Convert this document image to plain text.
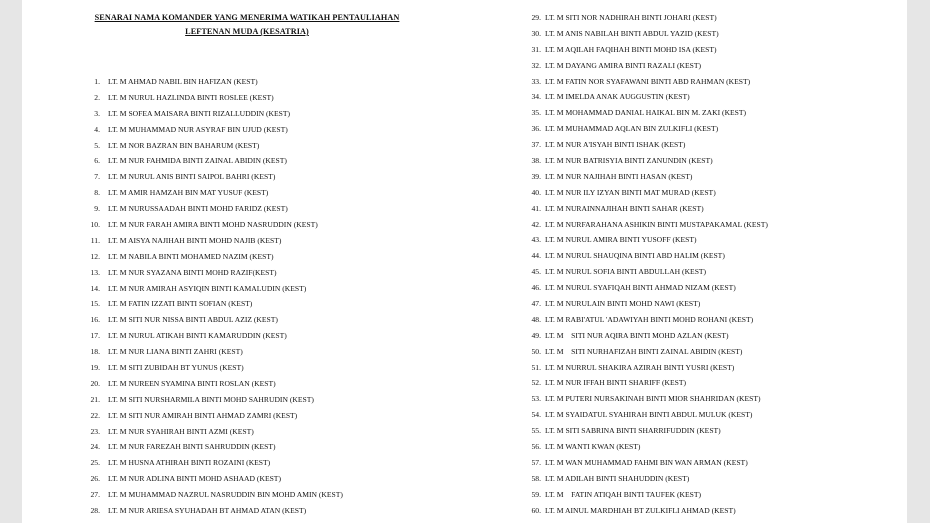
SENARAI NAMA KOMANDER YANG MENERIMA WATIKAH PENTAULIAHAN
LEFTENAN MUDA (KESATRIA)
1. LT. M AHMAD NABIL BIN HAFIZAN (KEST)
2. LT. M NURUL HAZLINDA BINTI ROSLEE (KEST)
3. LT. M SOFEA MAISARA BINTI RIZALLUDDIN (KEST)
4. LT. M MUHAMMAD NUR ASYRAF BIN UJUD (KEST)
5. LT. M NOR BAZRAN BIN BAHARUM (KEST)
6. LT. M NUR FAHMIDA BINTI ZAINAL ABIDIN (KEST)
7. LT. M NURUL ANIS BINTI SAIPOL BAHRI (KEST)
8. LT. M AMIR HAMZAH BIN MAT YUSUF (KEST)
9. LT. M NURUSSAADAH BINTI MOHD FARIDZ (KEST)
10. LT. M NUR FARAH AMIRA BINTI MOHD NASRUDDIN (KEST)
11. LT. M AISYA NAJIHAH BINTI MOHD NAJIB (KEST)
12. LT. M NABILA BINTI MOHAMED NAZIM (KEST)
13. LT. M NUR SYAZANA BINTI MOHD RAZIF(KEST)
14. LT. M NUR AMIRAH ASYIQIN BINTI KAMALUDIN (KEST)
15. LT. M FATIN IZZATI BINTI SOFIAN (KEST)
16. LT. M SITI NUR NISSA BINTI ABDUL AZIZ (KEST)
17. LT. M NURUL ATIKAH BINTI KAMARUDDIN (KEST)
18. LT. M NUR LIANA BINTI ZAHRI (KEST)
19. LT. M SITI ZUBIDAH BT YUNUS (KEST)
20. LT. M NUREEN SYAMINA BINTI ROSLAN (KEST)
21. LT. M SITI NURSHARMILA BINTI MOHD SAHRUDIN (KEST)
22. LT. M SITI NUR AMIRAH BINTI AHMAD ZAMRI (KEST)
23. LT. M NUR SYAHIRAH BINTI AZMI (KEST)
24. LT. M NUR FAREZAH BINTI SAHRUDDIN (KEST)
25. LT. M HUSNA ATHIRAH BINTI ROZAINI (KEST)
26. LT. M NUR ADLINA BINTI MOHD ASHAAD (KEST)
27. LT. M MUHAMMAD NAZRUL NASRUDDIN BIN MOHD AMIN (KEST)
28. LT. M NUR ARIESA SYUHADAH BT AHMAD ATAN (KEST)
29. LT. M SITI NOR NADHIRAH BINTI JOHARI (KEST)
30. LT. M ANIS NABILAH BINTI ABDUL YAZID (KEST)
31. LT. M AQILAH FAQIHAH BINTI MOHD ISA (KEST)
32. LT. M DAYANG AMIRA BINTI RAZALI (KEST)
33. LT. M FATIN NOR SYAFAWANI BINTI ABD RAHMAN (KEST)
34. LT. M IMELDA ANAK AUGGUSTIN (KEST)
35. LT. M MOHAMMAD DANIAL HAIKAL BIN M. ZAKI (KEST)
36. LT. M MUHAMMAD AQLAN BIN ZULKIFLI (KEST)
37. LT. M NUR A'ISYAH BINTI ISHAK (KEST)
38. LT. M NUR BATRISYIA BINTI ZANUNDIN (KEST)
39. LT. M NUR NAJIHAH BINTI HASAN (KEST)
40. LT. M NUR ILY IZYAN BINTI MAT MURAD (KEST)
41. LT. M NURAINNAJIHAH BINTI SAHAR (KEST)
42. LT. M NURFARAHANA ASHIKIN BINTI MUSTAPAKAMAL (KEST)
43. LT. M NURUL AMIRA BINTI YUSOFF (KEST)
44. LT. M NURUL SHAUQINA BINTI ABD HALIM (KEST)
45. LT. M NURUL SOFIA BINTI ABDULLAH (KEST)
46. LT. M NURUL SYAFIQAH BINTI AHMAD NIZAM (KEST)
47. LT. M NURULAIN BINTI MOHD NAWI (KEST)
48. LT. M RABI'ATUL 'ADAWIYAH BINTI MOHD ROHANI (KEST)
49. LT. M    SITI NUR AQIRA BINTI MOHD AZLAN (KEST)
50. LT. M    SITI NURHAFIZAH BINTI ZAINAL ABIDIN (KEST)
51. LT. M NURRUL SHAKIRA AZIRAH BINTI YUSRI (KEST)
52. LT. M NUR IFFAH BINTI SHARIFF (KEST)
53. LT. M PUTERI NURSAKINAH BINTI MIOR SHAHRIDAN (KEST)
54. LT. M SYAIDATUL SYAHIRAH BINTI ABDUL MULUK (KEST)
55. LT. M SITI SABRINA BINTI SHARRIFUDDIN (KEST)
56. LT. M WANTI KWAN (KEST)
57. LT. M WAN MUHAMMAD FAHMI BIN WAN ARMAN (KEST)
58. LT. M ADILAH BINTI SHAHUDDIN (KEST)
59. LT. M    FATIN ATIQAH BINTI TAUFEK (KEST)
60. LT. M AINUL MARDHIAH BT ZULKIFLI AHMAD (KEST)
